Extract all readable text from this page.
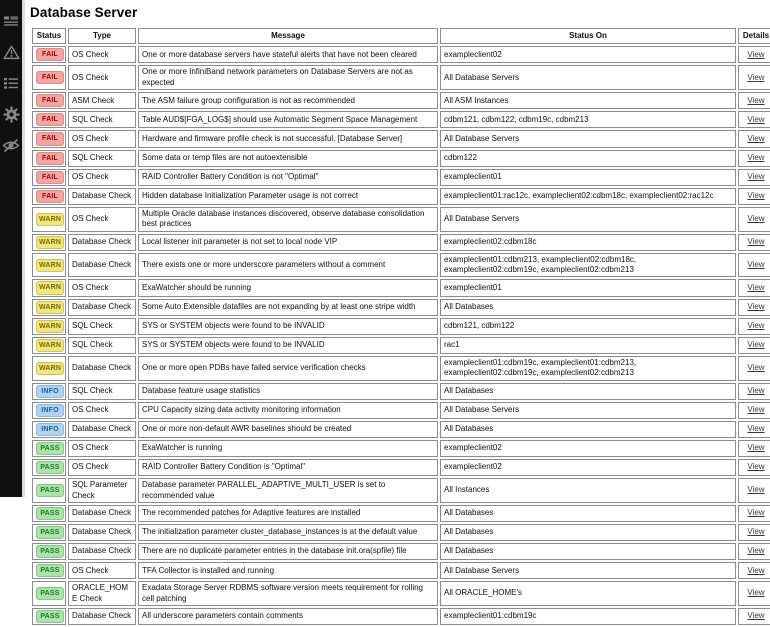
Database Server
Status	Type	Message	Status On	Details
FAIL	OS Check	One or more database servers have stateful alerts that have not been cleared	exampleclient02	View
FAIL	OS Check	One or more InfiniBand network parameters on Database Servers are not as expected	All Database Servers	View
FAIL	ASM Check	The ASM failure group configuration is not as recommended	All ASM Instances	View
FAIL	SQL Check	Table AUD$[FGA_LOG$] should use Automatic Segment Space Management	cdbm121, cdbm122, cdbm19c, cdbm213	View
FAIL	OS Check	Hardware and firmware profile check is not successful. [Database Server]	All Database Servers	View
FAIL	SQL Check	Some data or temp files are not autoextensible	cdbm122	View
FAIL	OS Check	RAID Controller Battery Condition is not "Optimal"	exampleclient01	View
FAIL	Database Check	Hidden database Initialization Parameter usage is not correct	exampleclient01:rac12c, exampleclient02:cdbm18c, exampleclient02:rac12c	View
WARN	OS Check	Multiple Oracle database instances discovered, observe database consolidation best practices	All Database Servers	View
WARN	Database Check	Local listener init parameter is not set to local node VIP	exampleclient02:cdbm18c	View
WARN	Database Check	There exists one or more underscore parameters without a comment	exampleclient01:cdbm213, exampleclient02:cdbm18c, exampleclient02:cdbm19c, exampleclient02:cdbm213	View
WARN	OS Check	ExaWatcher should be running	exampleclient01	View
WARN	Database Check	Some Auto Extensible datafiles are not expanding by at least one stripe width	All Databases	View
WARN	SQL Check	SYS or SYSTEM objects were found to be INVALID	cdbm121, cdbm122	View
WARN	SQL Check	SYS or SYSTEM objects were found to be INVALID	rac1	View
WARN	Database Check	One or more open PDBs have failed service verification checks	exampleclient01:cdbm19c, exampleclient01:cdbm213, exampleclient02:cdbm19c, exampleclient02:cdbm213	View
INFO	SQL Check	Database feature usage statistics	All Databases	View
INFO	OS Check	CPU Capacity sizing data activity monitoring information	All Database Servers	View
INFO	Database Check	One or more non-default AWR baselines should be created	All Databases	View
PASS	OS Check	ExaWatcher is running	exampleclient02	View
PASS	OS Check	RAID Controller Battery Condition is "Optimal"	exampleclient02	View
PASS	SQL Parameter Check	Database parameter PARALLEL_ADAPTIVE_MULTI_USER is set to recommended value	All Instances	View
PASS	Database Check	The recommended patches for Adaptive features are installed	All Databases	View
PASS	Database Check	The initialization parameter cluster_database_instances is at the default value	All Databases	View
PASS	Database Check	There are no duplicate parameter entries in the database init.ora(spfile) file	All Databases	View
PASS	OS Check	TFA Collector is installed and running	All Database Servers	View
PASS	ORACLE_HOME Check	Exadata Storage Server RDBMS software version meets requirement for rolling cell patching	All ORACLE_HOME's	View
PASS	Database Check	All underscore parameters contain comments	exampleclient01:cdbm19c	View
